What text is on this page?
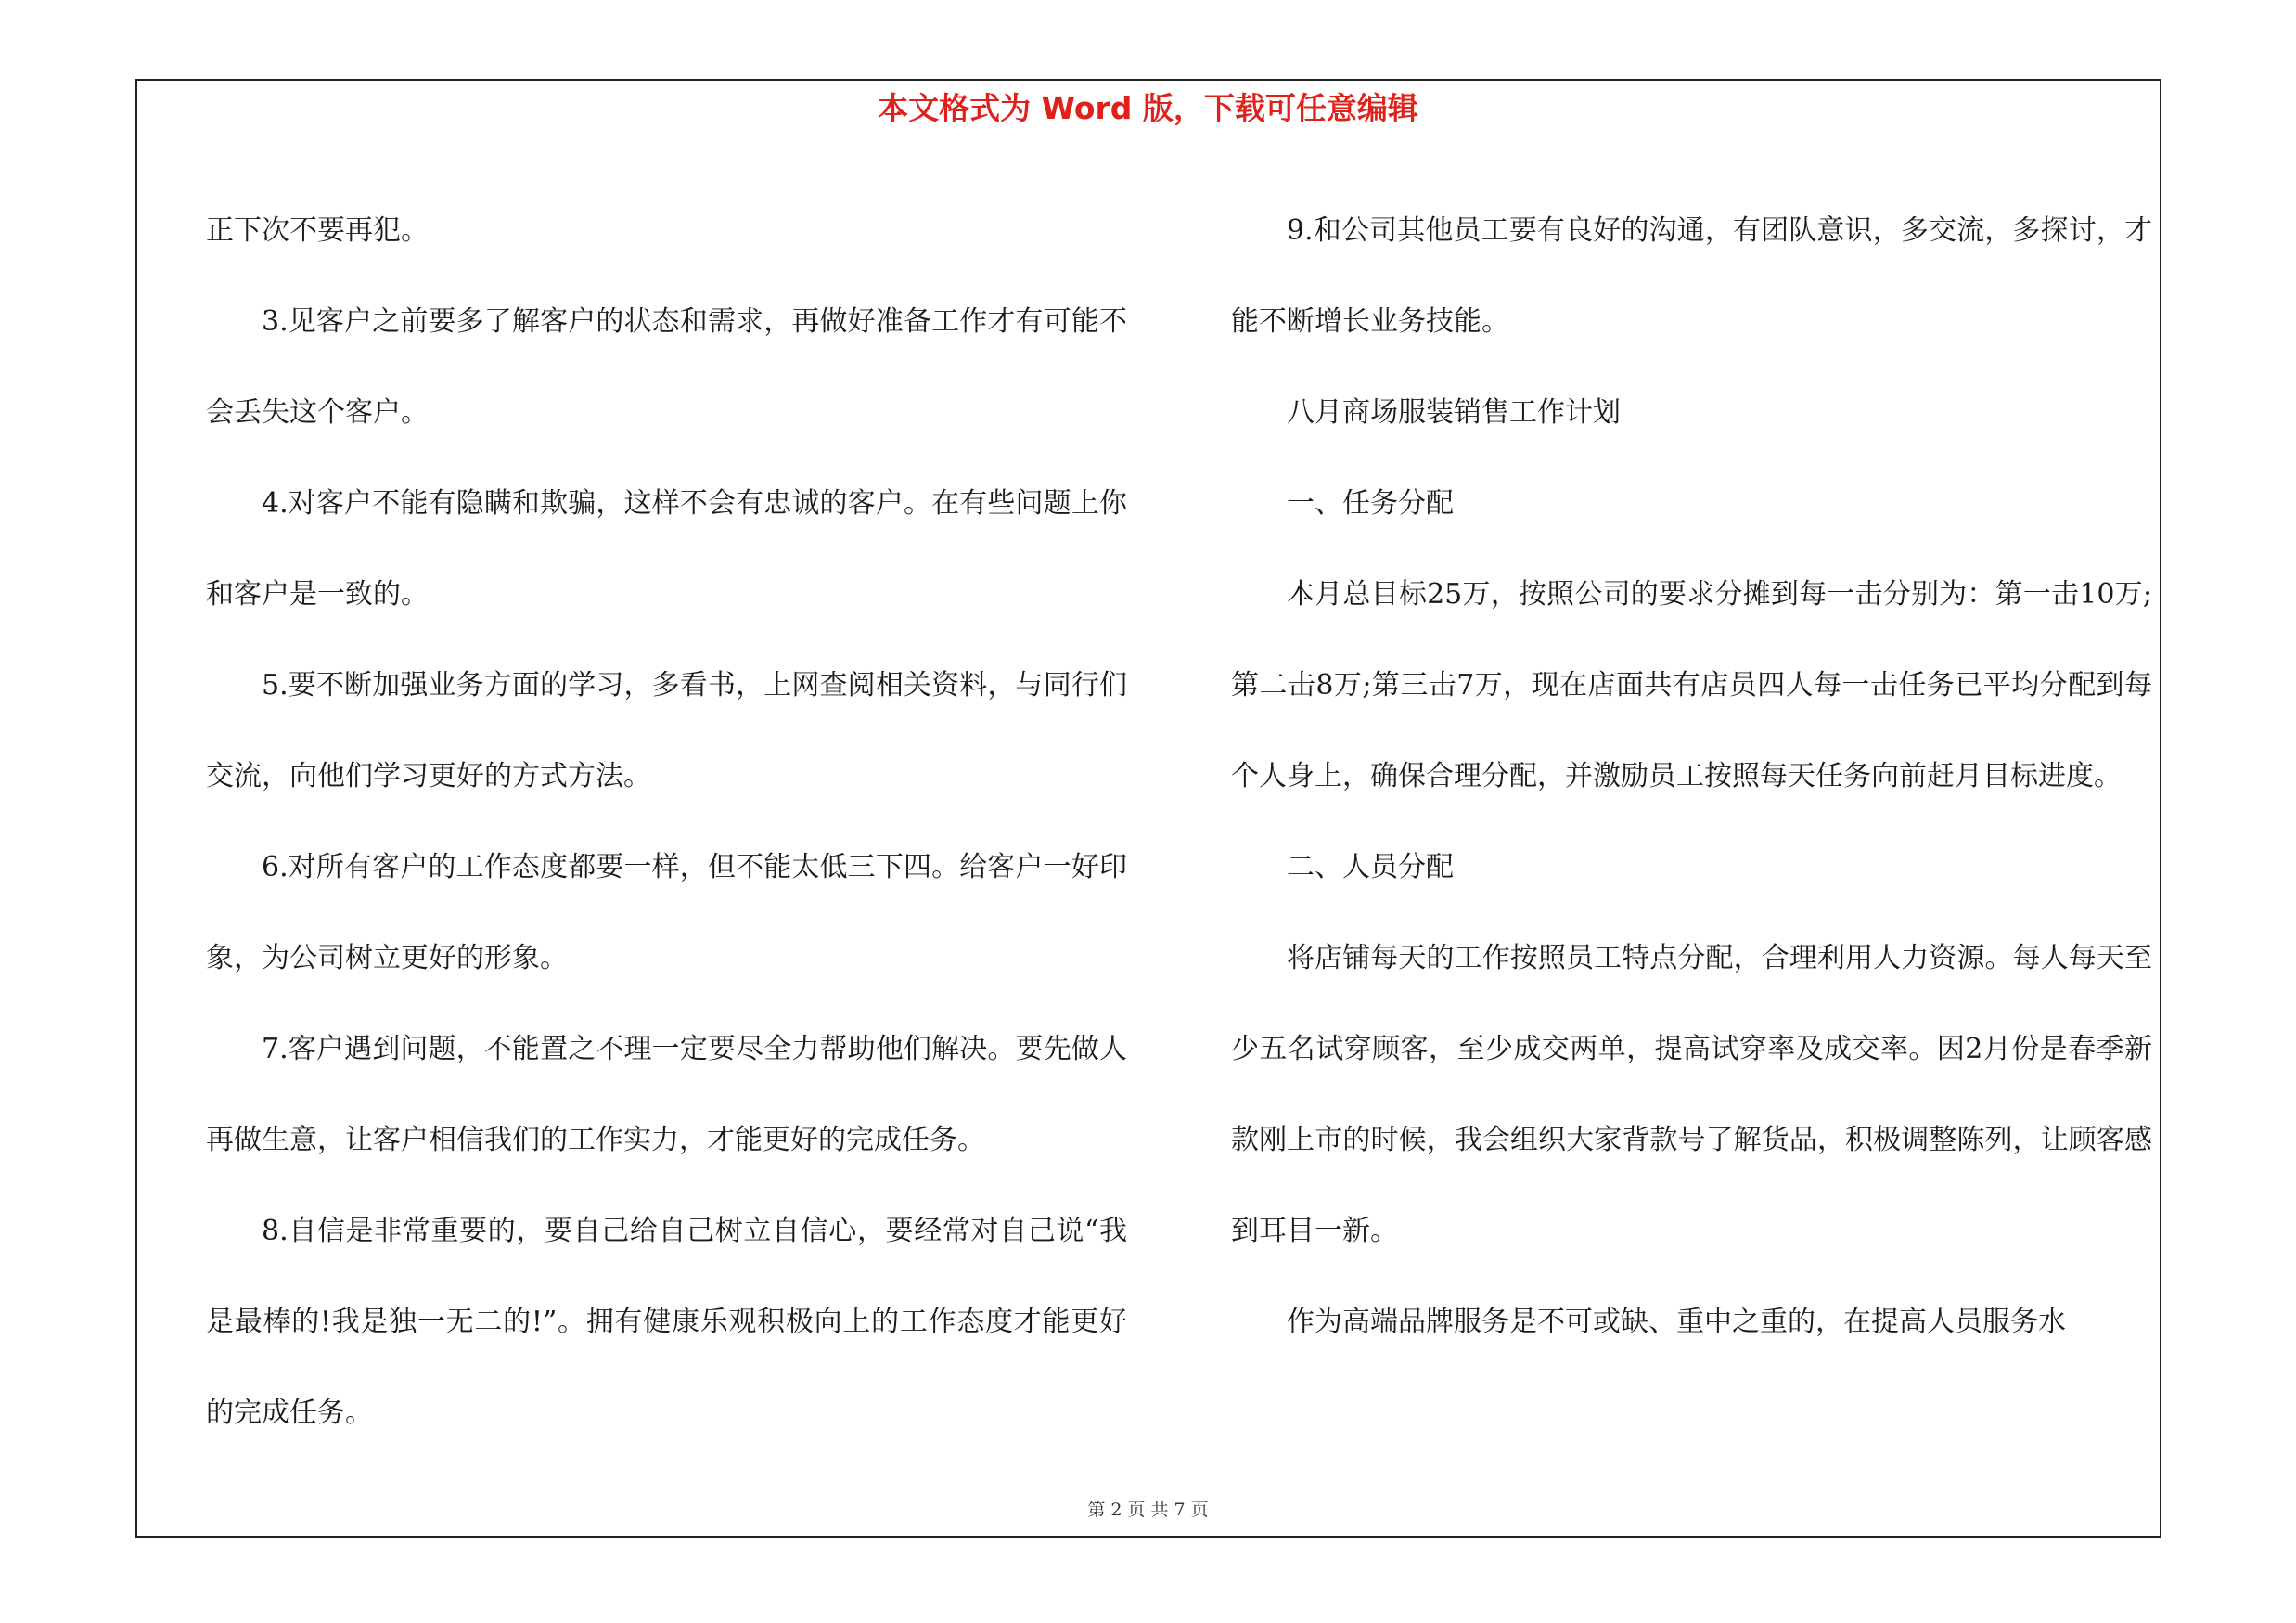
本文格式为 Word 版，下载可任意编辑

正下次不要再犯。

3.见客户之前要多了解客户的状态和需求，再做好准备工作才有可能不会丢失这个客户。

4.对客户不能有隐瞒和欺骗，这样不会有忠诚的客户。在有些问题上你和客户是一致的。

5.要不断加强业务方面的学习，多看书，上网查阅相关资料，与同行们交流，向他们学习更好的方式方法。

6.对所有客户的工作态度都要一样，但不能太低三下四。给客户一好印象，为公司树立更好的形象。

7.客户遇到问题，不能置之不理一定要尽全力帮助他们解决。要先做人再做生意，让客户相信我们的工作实力，才能更好的完成任务。

8.自信是非常重要的，要自己给自己树立自信心，要经常对自己说“我是最棒的!我是独一无二的!”。拥有健康乐观积极向上的工作态度才能更好的完成任务。

9.和公司其他员工要有良好的沟通，有团队意识，多交流，多探讨，才能不断增长业务技能。

八月商场服装销售工作计划

一、任务分配

本月总目标25万，按照公司的要求分摊到每一击分别为：第一击10万;第二击8万;第三击7万，现在店面共有店员四人每一击任务已平均分配到每个人身上，确保合理分配，并激励员工按照每天任务向前赶月目标进度。

二、人员分配

将店铺每天的工作按照员工特点分配，合理利用人力资源。每人每天至少五名试穿顾客，至少成交两单，提高试穿率及成交率。因2月份是春季新款刚上市的时候，我会组织大家背款号了解货品，积极调整陈列，让顾客感到耳目一新。

作为高端品牌服务是不可或缺、重中之重的，在提高人员服务水

第 2 页 共 7 页
